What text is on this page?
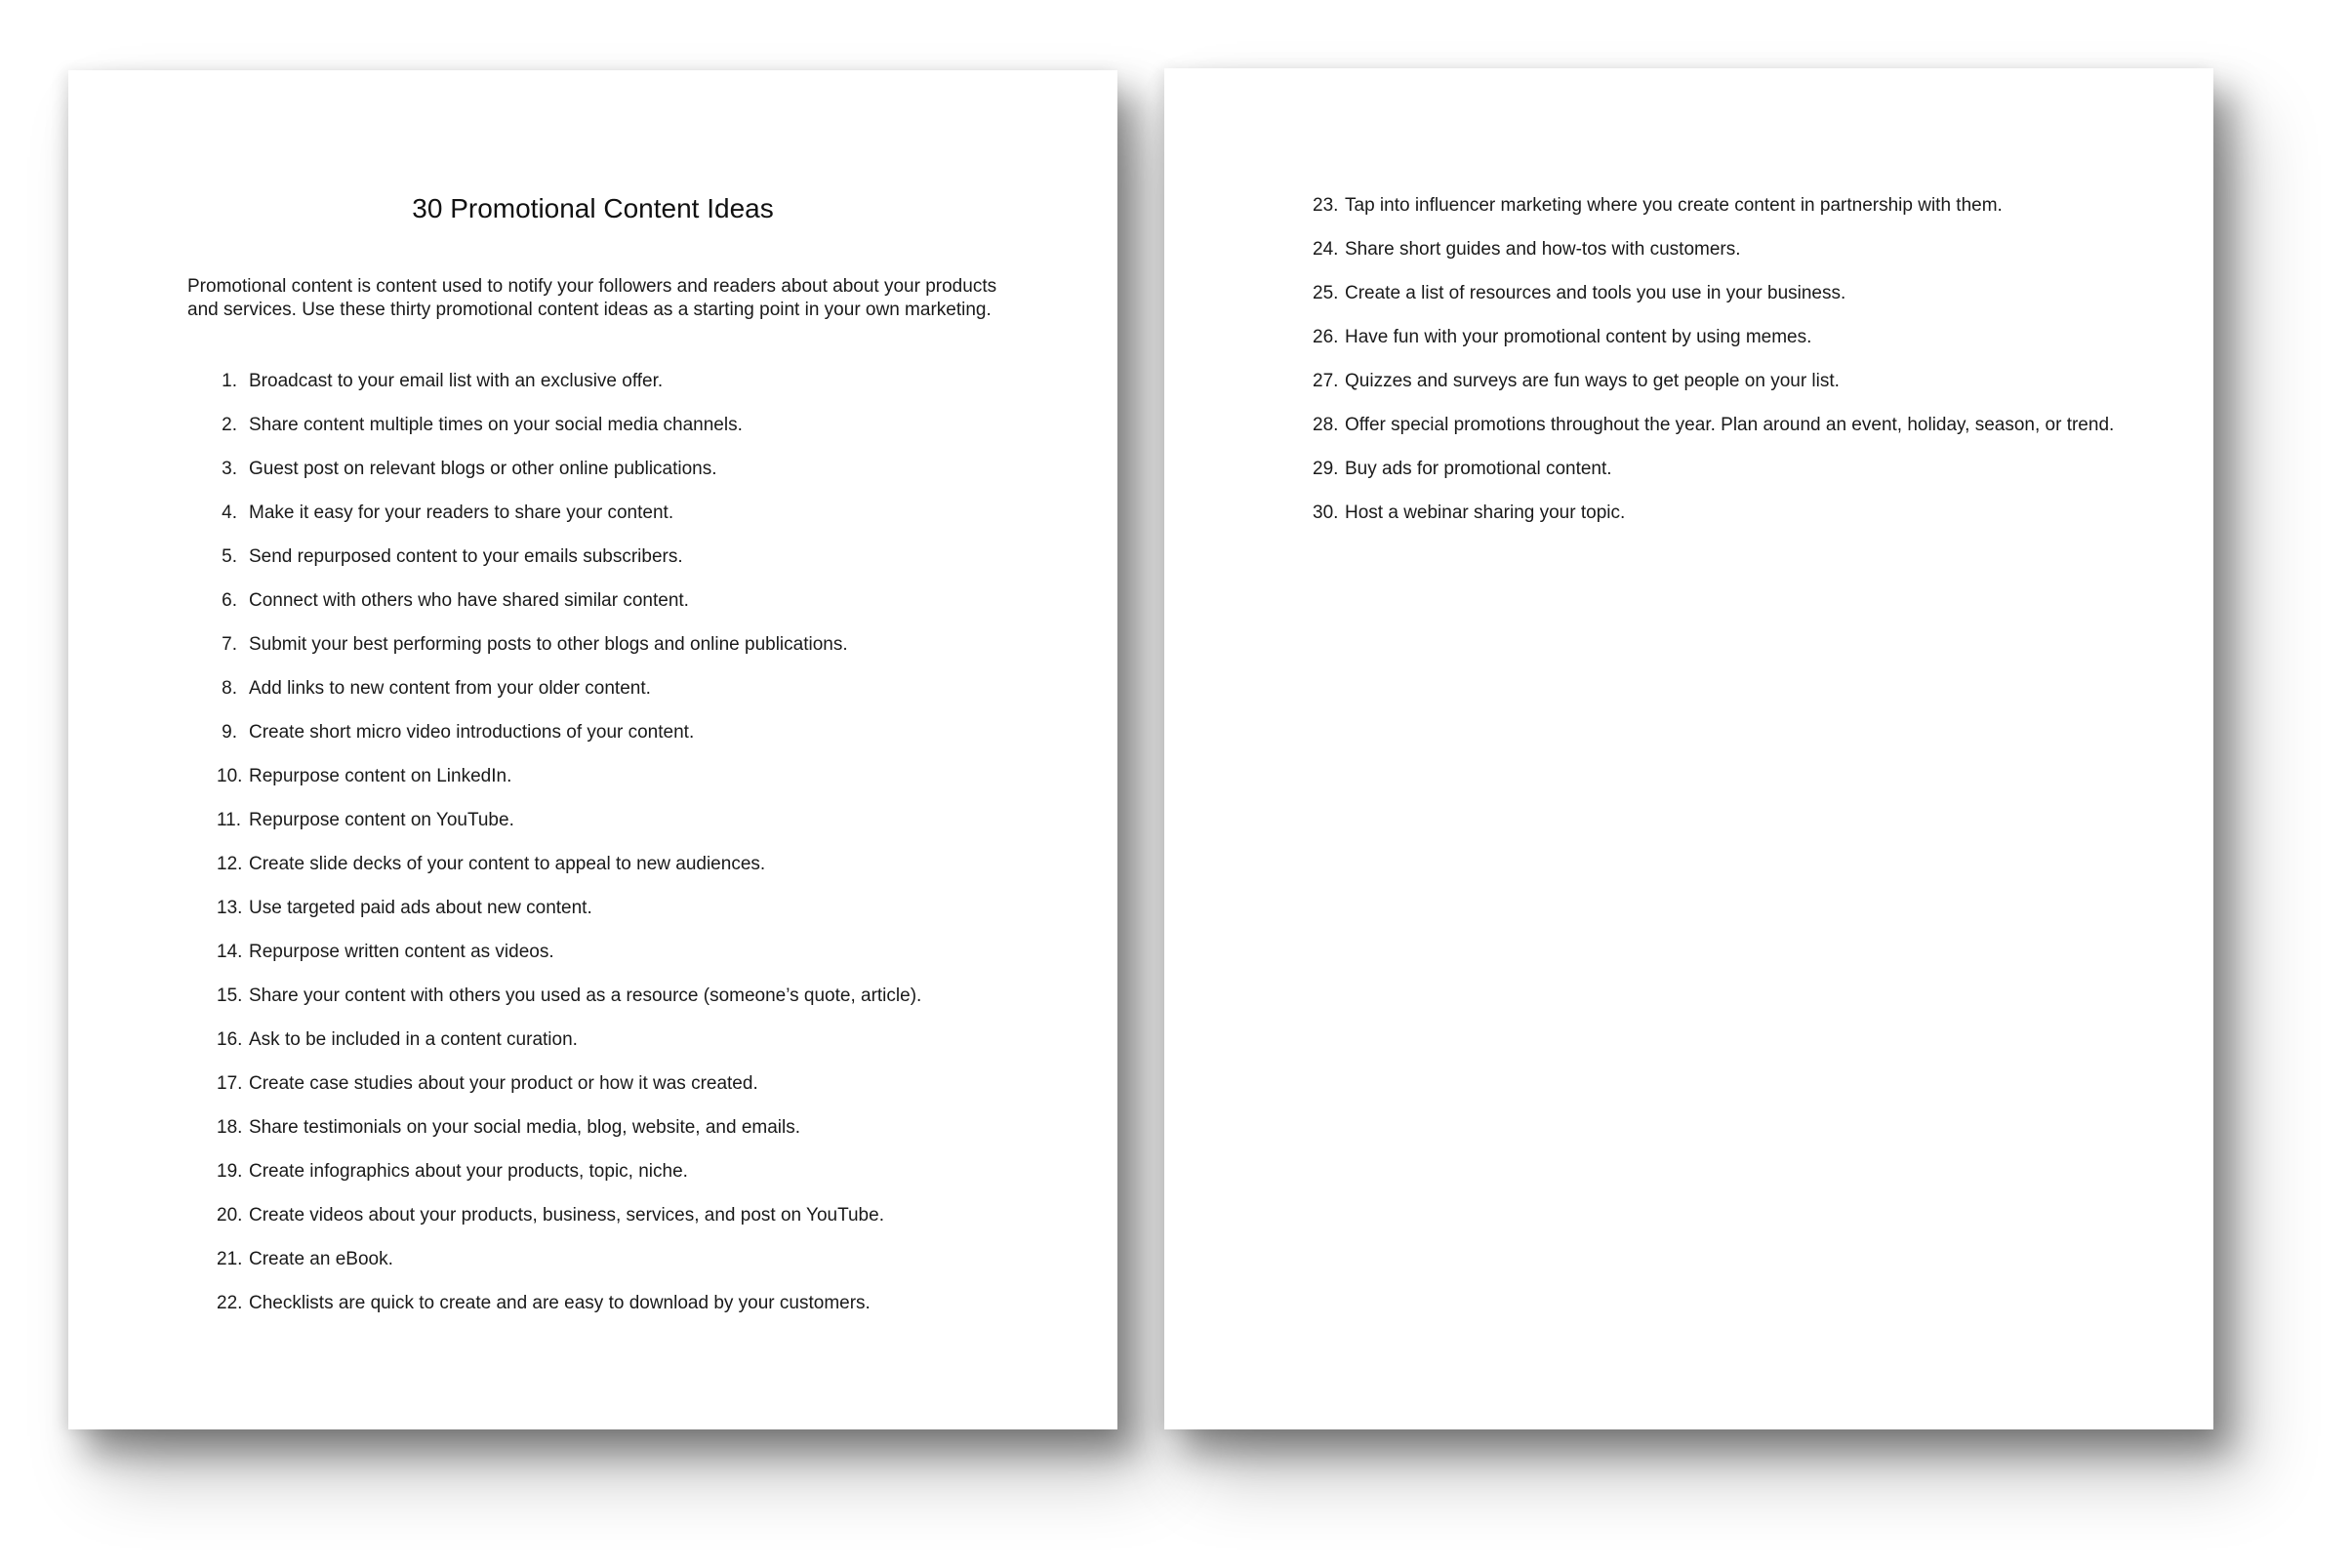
30 Promotional Content Ideas
Promotional content is content used to notify your followers and readers about about your products and services. Use these thirty promotional content ideas as a starting point in your own marketing.
1. Broadcast to your email list with an exclusive offer.
2. Share content multiple times on your social media channels.
3. Guest post on relevant blogs or other online publications.
4. Make it easy for your readers to share your content.
5. Send repurposed content to your emails subscribers.
6. Connect with others who have shared similar content.
7. Submit your best performing posts to other blogs and online publications.
8. Add links to new content from your older content.
9. Create short micro video introductions of your content.
10. Repurpose content on LinkedIn.
11. Repurpose content on YouTube.
12. Create slide decks of your content to appeal to new audiences.
13. Use targeted paid ads about new content.
14. Repurpose written content as videos.
15. Share your content with others you used as a resource (someone’s quote, article).
16. Ask to be included in a content curation.
17. Create case studies about your product or how it was created.
18. Share testimonials on your social media, blog, website, and emails.
19. Create infographics about your products, topic, niche.
20. Create videos about your products, business, services, and post on YouTube.
21. Create an eBook.
22. Checklists are quick to create and are easy to download by your customers.
23. Tap into influencer marketing where you create content in partnership with them.
24. Share short guides and how-tos with customers.
25. Create a list of resources and tools you use in your business.
26. Have fun with your promotional content by using memes.
27. Quizzes and surveys are fun ways to get people on your list.
28. Offer special promotions throughout the year. Plan around an event, holiday, season, or trend.
29. Buy ads for promotional content.
30. Host a webinar sharing your topic.
